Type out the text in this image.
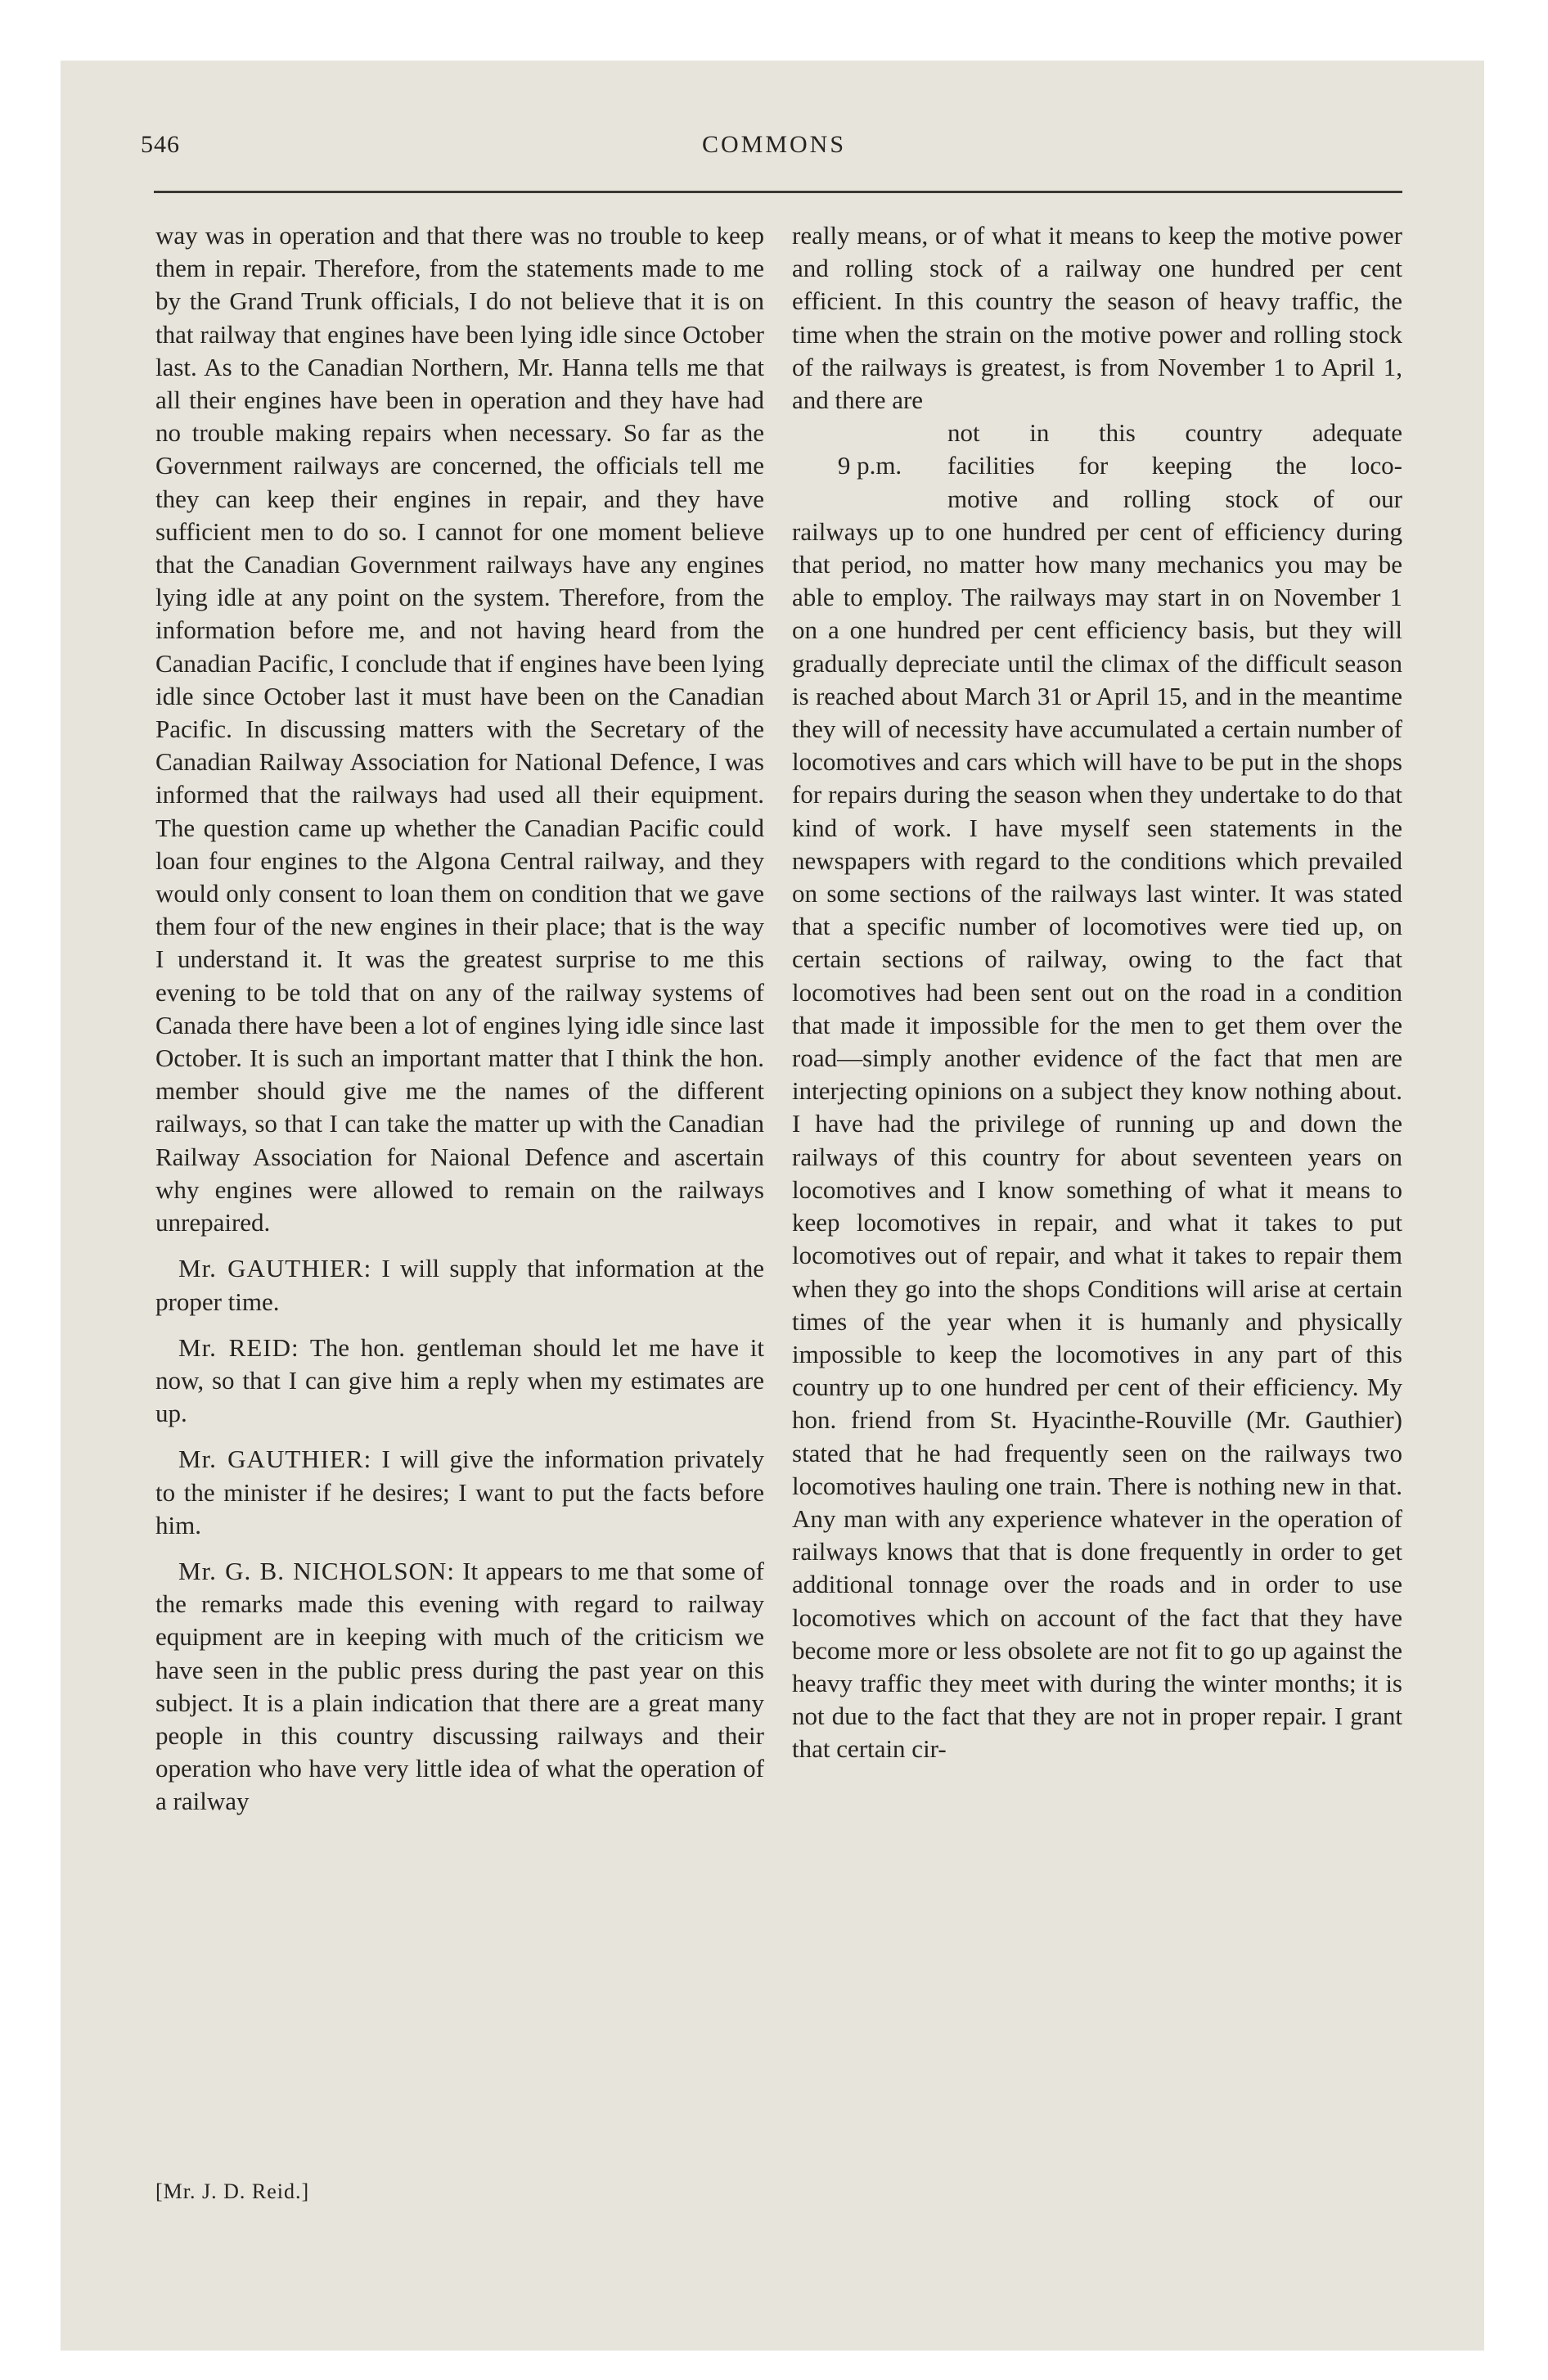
546	COMMONS

way was in operation and that there was no trouble to keep them in repair. Therefore, from the statements made to me by the Grand Trunk officials, I do not believe that it is on that railway that engines have been lying idle since October last. As to the Canadian Northern, Mr. Hanna tells me that all their engines have been in operation and they have had no trouble making repairs when necessary. So far as the Government railways are concerned, the officials tell me they can keep their engines in repair, and they have sufficient men to do so. I cannot for one moment believe that the Canadian Government railways have any engines lying idle at any point on the system. Therefore, from the information before me, and not having heard from the Canadian Pacific, I conclude that if engines have been lying idle since October last it must have been on the Canadian Pacific. In discussing matters with the Secretary of the Canadian Railway Association for National Defence, I was informed that the railways had used all their equipment. The question came up whether the Canadian Pacific could loan four engines to the Algona Central railway, and they would only consent to loan them on condition that we gave them four of the new engines in their place; that is the way I understand it. It was the greatest surprise to me this evening to be told that on any of the railway systems of Canada there have been a lot of engines lying idle since last October. It is such an important matter that I think the hon. member should give me the names of the different railways, so that I can take the matter up with the Canadian Railway Association for Naional Defence and ascertain why engines were allowed to remain on the railways unrepaired.

Mr. GAUTHIER: I will supply that information at the proper time.

Mr. REID: The hon. gentleman should let me have it now, so that I can give him a reply when my estimates are up.

Mr. GAUTHIER: I will give the information privately to the minister if he desires; I want to put the facts before him.

Mr. G. B. NICHOLSON: It appears to me that some of the remarks made this evening with regard to railway equipment are in keeping with much of the criticism we have seen in the public press during the past year on this subject. It is a plain indication that there are a great many people in this country discussing railways and their operation who have very little idea of what the operation of a railway

really means, or of what it means to keep the motive power and rolling stock of a railway one hundred per cent efficient. In this country the season of heavy traffic, the time when the strain on the motive power and rolling stock of the railways is greatest, is from November 1 to April 1, and there are

not in this country adequate
9 p.m.	facilities for keeping the loco-
motive and rolling stock of our

railways up to one hundred per cent of efficiency during that period, no matter how many mechanics you may be able to employ. The railways may start in on November 1 on a one hundred per cent efficiency basis, but they will gradually depreciate until the climax of the difficult season is reached about March 31 or April 15, and in the meantime they will of necessity have accumulated a certain number of locomotives and cars which will have to be put in the shops for repairs during the season when they undertake to do that kind of work. I have myself seen statements in the newspapers with regard to the conditions which prevailed on some sections of the railways last winter. It was stated that a specific number of locomotives were tied up, on certain sections of railway, owing to the fact that locomotives had been sent out on the road in a condition that made it impossible for the men to get them over the road—simply another evidence of the fact that men are interjecting opinions on a subject they know nothing about. I have had the privilege of running up and down the railways of this country for about seventeen years on locomotives and I know something of what it means to keep locomotives in repair, and what it takes to put locomotives out of repair, and what it takes to repair them when they go into the shops Conditions will arise at certain times of the year when it is humanly and physically impossible to keep the locomotives in any part of this country up to one hundred per cent of their efficiency. My hon. friend from St. Hyacinthe-Rouville (Mr. Gauthier) stated that he had frequently seen on the railways two locomotives hauling one train. There is nothing new in that. Any man with any experience whatever in the operation of railways knows that that is done frequently in order to get additional tonnage over the roads and in order to use locomotives which on account of the fact that they have become more or less obsolete are not fit to go up against the heavy traffic they meet with during the winter months; it is not due to the fact that they are not in proper repair. I grant that certain cir-

[Mr. J. D. Reid.]
